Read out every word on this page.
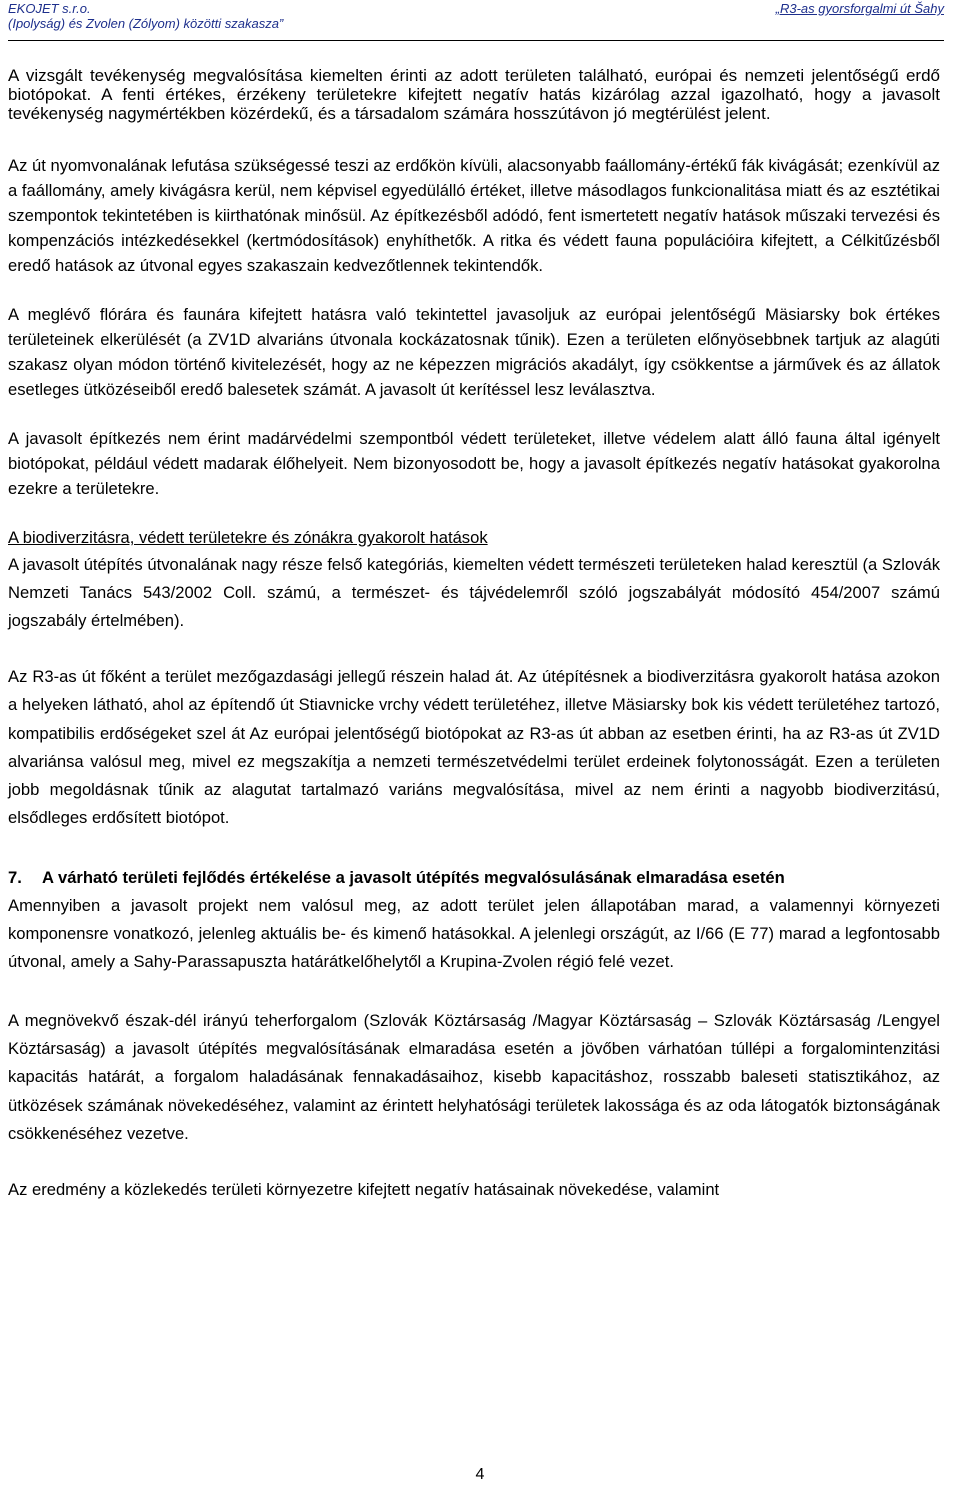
EKOJET s.r.o.
(Ipolyság) és Zvolen (Zólyom) közötti szakasza”
„R3-as gyorsforgalmi út Šahy

A vizsgált tevékenység megvalósítása kiemelten érinti az adott területen található, európai és nemzeti jelentőségű erdő biotópokat. A fenti értékes, érzékeny területekre kifejtett negatív hatás kizárólag azzal igazolható, hogy a javasolt tevékenység nagymértékben közérdekű, és a társadalom számára hosszútávon jó megtérülést jelent.

Az út nyomvonalának lefutása szükségessé teszi az erdőkön kívüli, alacsonyabb faállomány-értékű fák kivágását; ezenkívül az a faállomány, amely kivágásra kerül, nem képvisel egyedülálló értéket, illetve másodlagos funkcionalitása miatt és az esztétikai szempontok tekintetében is kiirthatónak minősül. Az építkezésből adódó, fent ismertetett negatív hatások műszaki tervezési és kompenzációs intézkedésekkel (kertmódosítások) enyhíthetők. A ritka és védett fauna populációira kifejtett, a Célkitűzésből eredő hatások az útvonal egyes szakaszain kedvezőtlennek tekintendők.

A meglévő flórára és faunára kifejtett hatásra való tekintettel javasoljuk az európai jelentőségű Mäsiarsky bok értékes területeinek elkerülését (a ZV1D alvariáns útvonala kockázatosnak tűnik). Ezen a területen előnyösebbnek tartjuk az alagúti szakasz olyan módon történő kivitelezését, hogy az ne képezzen migrációs akadályt, így csökkentse a járművek és az állatok esetleges ütközéseiből eredő balesetek számát. A javasolt út kerítéssel lesz leválasztva.

A javasolt építkezés nem érint madárvédelmi szempontból védett területeket, illetve védelem alatt álló fauna által igényelt biotópokat, például védett madarak élőhelyeit. Nem bizonyosodott be, hogy a javasolt építkezés negatív hatásokat gyakorolna ezekre a területekre.

A biodiverzitásra, védett területekre és zónákra gyakorolt hatások

A javasolt útépítés útvonalának nagy része felső kategóriás, kiemelten védett természeti területeken halad keresztül (a Szlovák Nemzeti Tanács 543/2002 Coll. számú, a természet- és tájvédelemről szóló jogszabályát módosító 454/2007 számú jogszabály értelmében).

Az R3-as út főként a terület mezőgazdasági jellegű részein halad át. Az útépítésnek a biodiverzitásra gyakorolt hatása azokon a helyeken látható, ahol az építendő út Stiavnicke vrchy védett területéhez, illetve Mäsiarsky bok kis védett területéhez tartozó, kompatibilis erdőségeket szel át Az európai jelentőségű biotópokat az R3-as út abban az esetben érinti, ha az R3-as út ZV1D alvariánsa valósul meg, mivel ez megszakítja a nemzeti természetvédelmi terület erdeinek folytonosságát. Ezen a területen jobb megoldásnak tűnik az alagutat tartalmazó variáns megvalósítása, mivel az nem érinti a nagyobb biodiverzitású, elsődleges erdősített biotópot.

7. A várható területi fejlődés értékelése a javasolt útépítés megvalósulásának elmaradása esetén

Amennyiben a javasolt projekt nem valósul meg, az adott terület jelen állapotában marad, a valamennyi környezeti komponensre vonatkozó, jelenleg aktuális be- és kimenő hatásokkal. A jelenlegi országút, az I/66 (E 77) marad a legfontosabb útvonal, amely a Sahy-Parassapuszta határátkelőhelytől a Krupina-Zvolen régió felé vezet.

A megnövekvő észak-dél irányú teherforgalom (Szlovák Köztársaság /Magyar Köztársaság – Szlovák Köztársaság /Lengyel Köztársaság) a javasolt útépítés megvalósításának elmaradása esetén a jövőben várhatóan túllépi a forgalomintenzitási kapacitás határát, a forgalom haladásának fennakadásaihoz, kisebb kapacitáshoz, rosszabb baleseti statisztikához, az ütközések számának növekedéséhez, valamint az érintett helyhatósági területek lakossága és az oda látogatók biztonságának csökkenéséhez vezetve.

Az eredmény a közlekedés területi környezetre kifejtett negatív hatásainak növekedése, valamint

4
